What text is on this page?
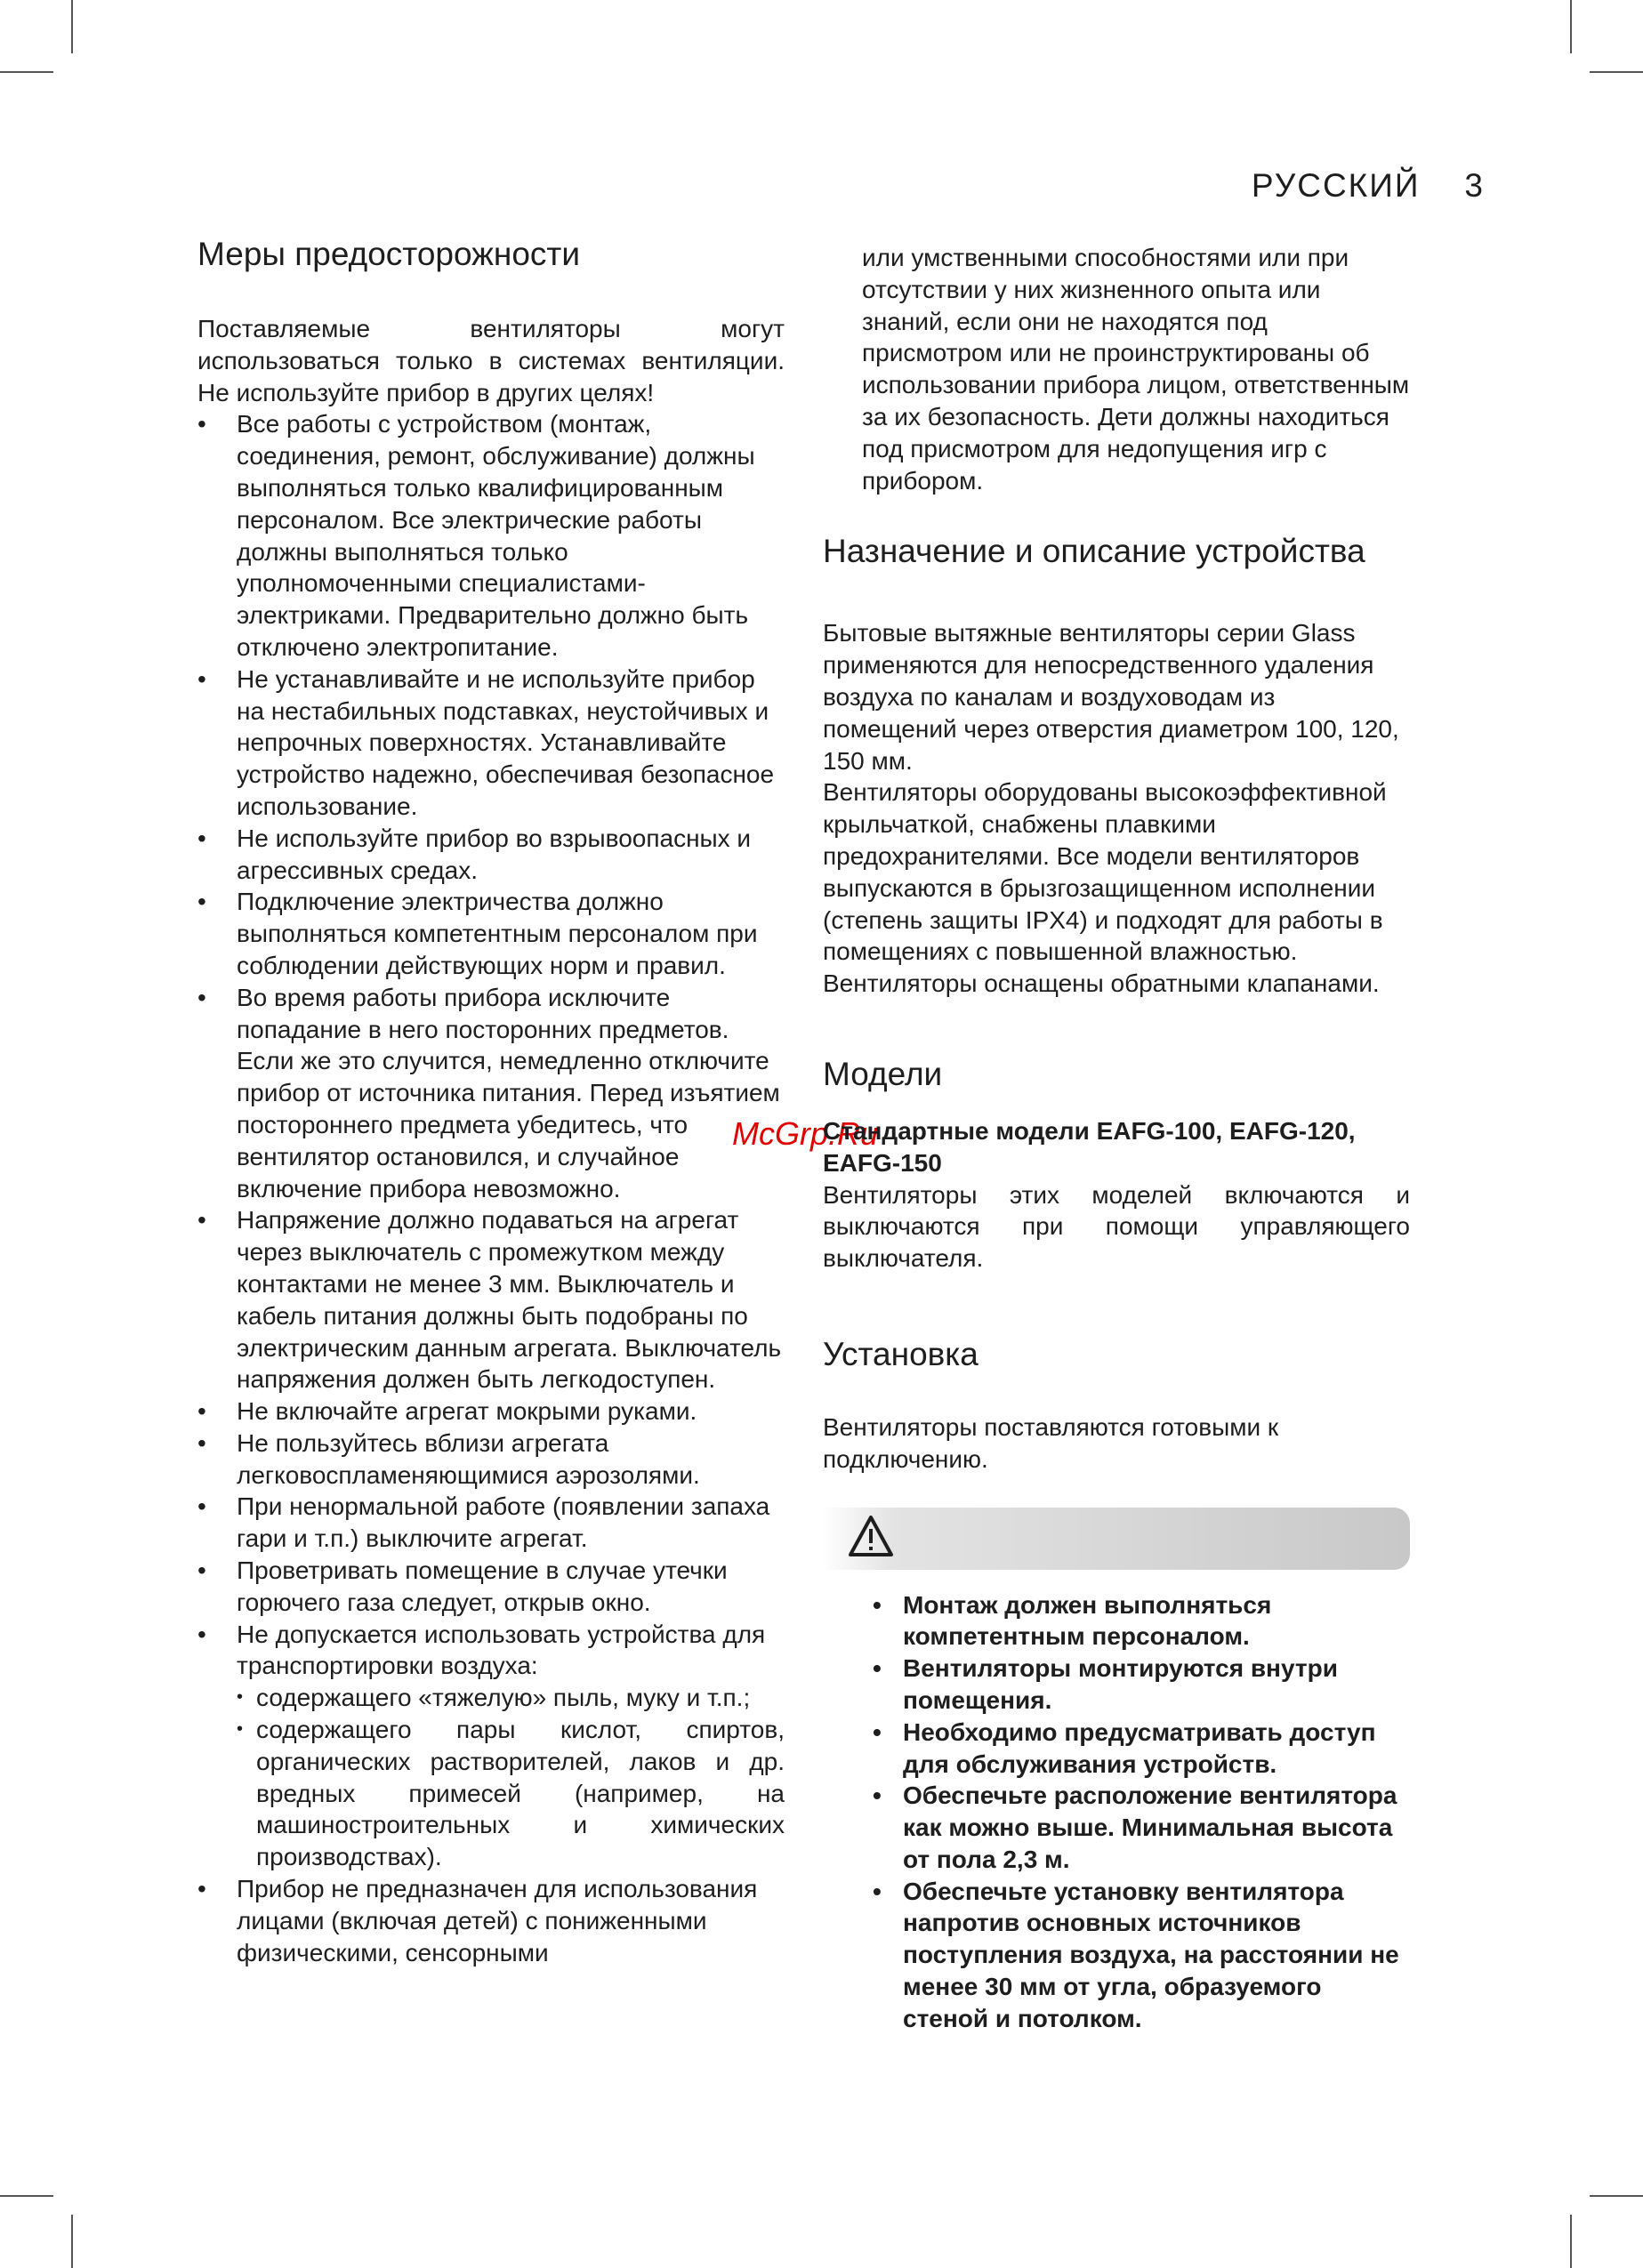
РУССКИЙ 3
McGrp.Ru
Меры предосторожности

Поставляемые вентиляторы могут использоваться только в системах вентиляции. Не используйте прибор в других целях!

• Все работы с устройством (монтаж, соединения, ремонт, обслуживание) должны выполняться только квалифицированным персоналом. Все электрические работы должны выполняться только уполномоченными специалистами-электриками. Предварительно должно быть отключено электропитание.
• Не устанавливайте и не используйте прибор на нестабильных подставках, неустойчивых и непрочных поверхностях. Устанавливайте устройство надежно, обеспечивая безопасное использование.
• Не используйте прибор во взрывоопасных и агрессивных средах.
• Подключение электричества должно выполняться компетентным персоналом при соблюдении действующих норм и правил.
• Во время работы прибора исключите попадание в него посторонних предметов. Если же это случится, немедленно отключите прибор от источника питания. Перед изъятием постороннего предмета убедитесь, что вентилятор остановился, и случайное включение прибора невозможно.
• Напряжение должно подаваться на агрегат через выключатель с промежутком между контактами не менее 3 мм. Выключатель и кабель питания должны быть подобраны по электрическим данным агрегата. Выключатель напряжения должен быть легкодоступен.
• Не включайте агрегат мокрыми руками.
• Не пользуйтесь вблизи агрегата легковоспламеняющимися аэрозолями.
• При ненормальной работе (появлении запаха гари и т.п.) выключите агрегат.
• Проветривать помещение в случае утечки горючего газа следует, открыв окно.
• Не допускается использовать устройства для транспортировки воздуха:
• содержащего «тяжелую» пыль, муку и т.п.;
• содержащего пары кислот, спиртов, органических растворителей, лаков и др. вредных примесей (например, на машиностроительных и химических производствах).
• Прибор не предназначен для использования лицами (включая детей) с пониженными физическими, сенсорными

или умственными способностями или при отсутствии у них жизненного опыта или знаний, если они не находятся под присмотром или не проинструктированы об использовании прибора лицом, ответственным за их безопасность. Дети должны находиться под присмотром для недопущения игр с прибором.

Назначение и описание устройства

Бытовые вытяжные вентиляторы серии Glass применяются для непосредственного удаления воздуха по каналам и воздуховодам из помещений через отверстия диаметром 100, 120, 150 мм.

Вентиляторы оборудованы высокоэффективной крыльчаткой, снабжены плавкими предохранителями. Все модели вентиляторов выпускаются в брызгозащищенном исполнении (степень защиты IPX4) и подходят для работы в помещениях с повышенной влажностью. Вентиляторы оснащены обратными клапанами.

Модели

Стандартные модели EAFG-100, EAFG-120, EAFG-150

Вентиляторы этих моделей включаются и выключаются при помощи управляющего выключателя.

Установка

Вентиляторы поставляются готовыми к подключению.

• Монтаж должен выполняться компетентным персоналом.
• Вентиляторы монтируются внутри помещения.
• Необходимо предусматривать доступ для обслуживания устройств.
• Обеспечьте расположение вентилятора как можно выше. Минимальная высота от пола 2,3 м.
• Обеспечьте установку вентилятора напротив основных источников поступления воздуха, на расстоянии не менее 30 мм от угла, образуемого стеной и потолком.
